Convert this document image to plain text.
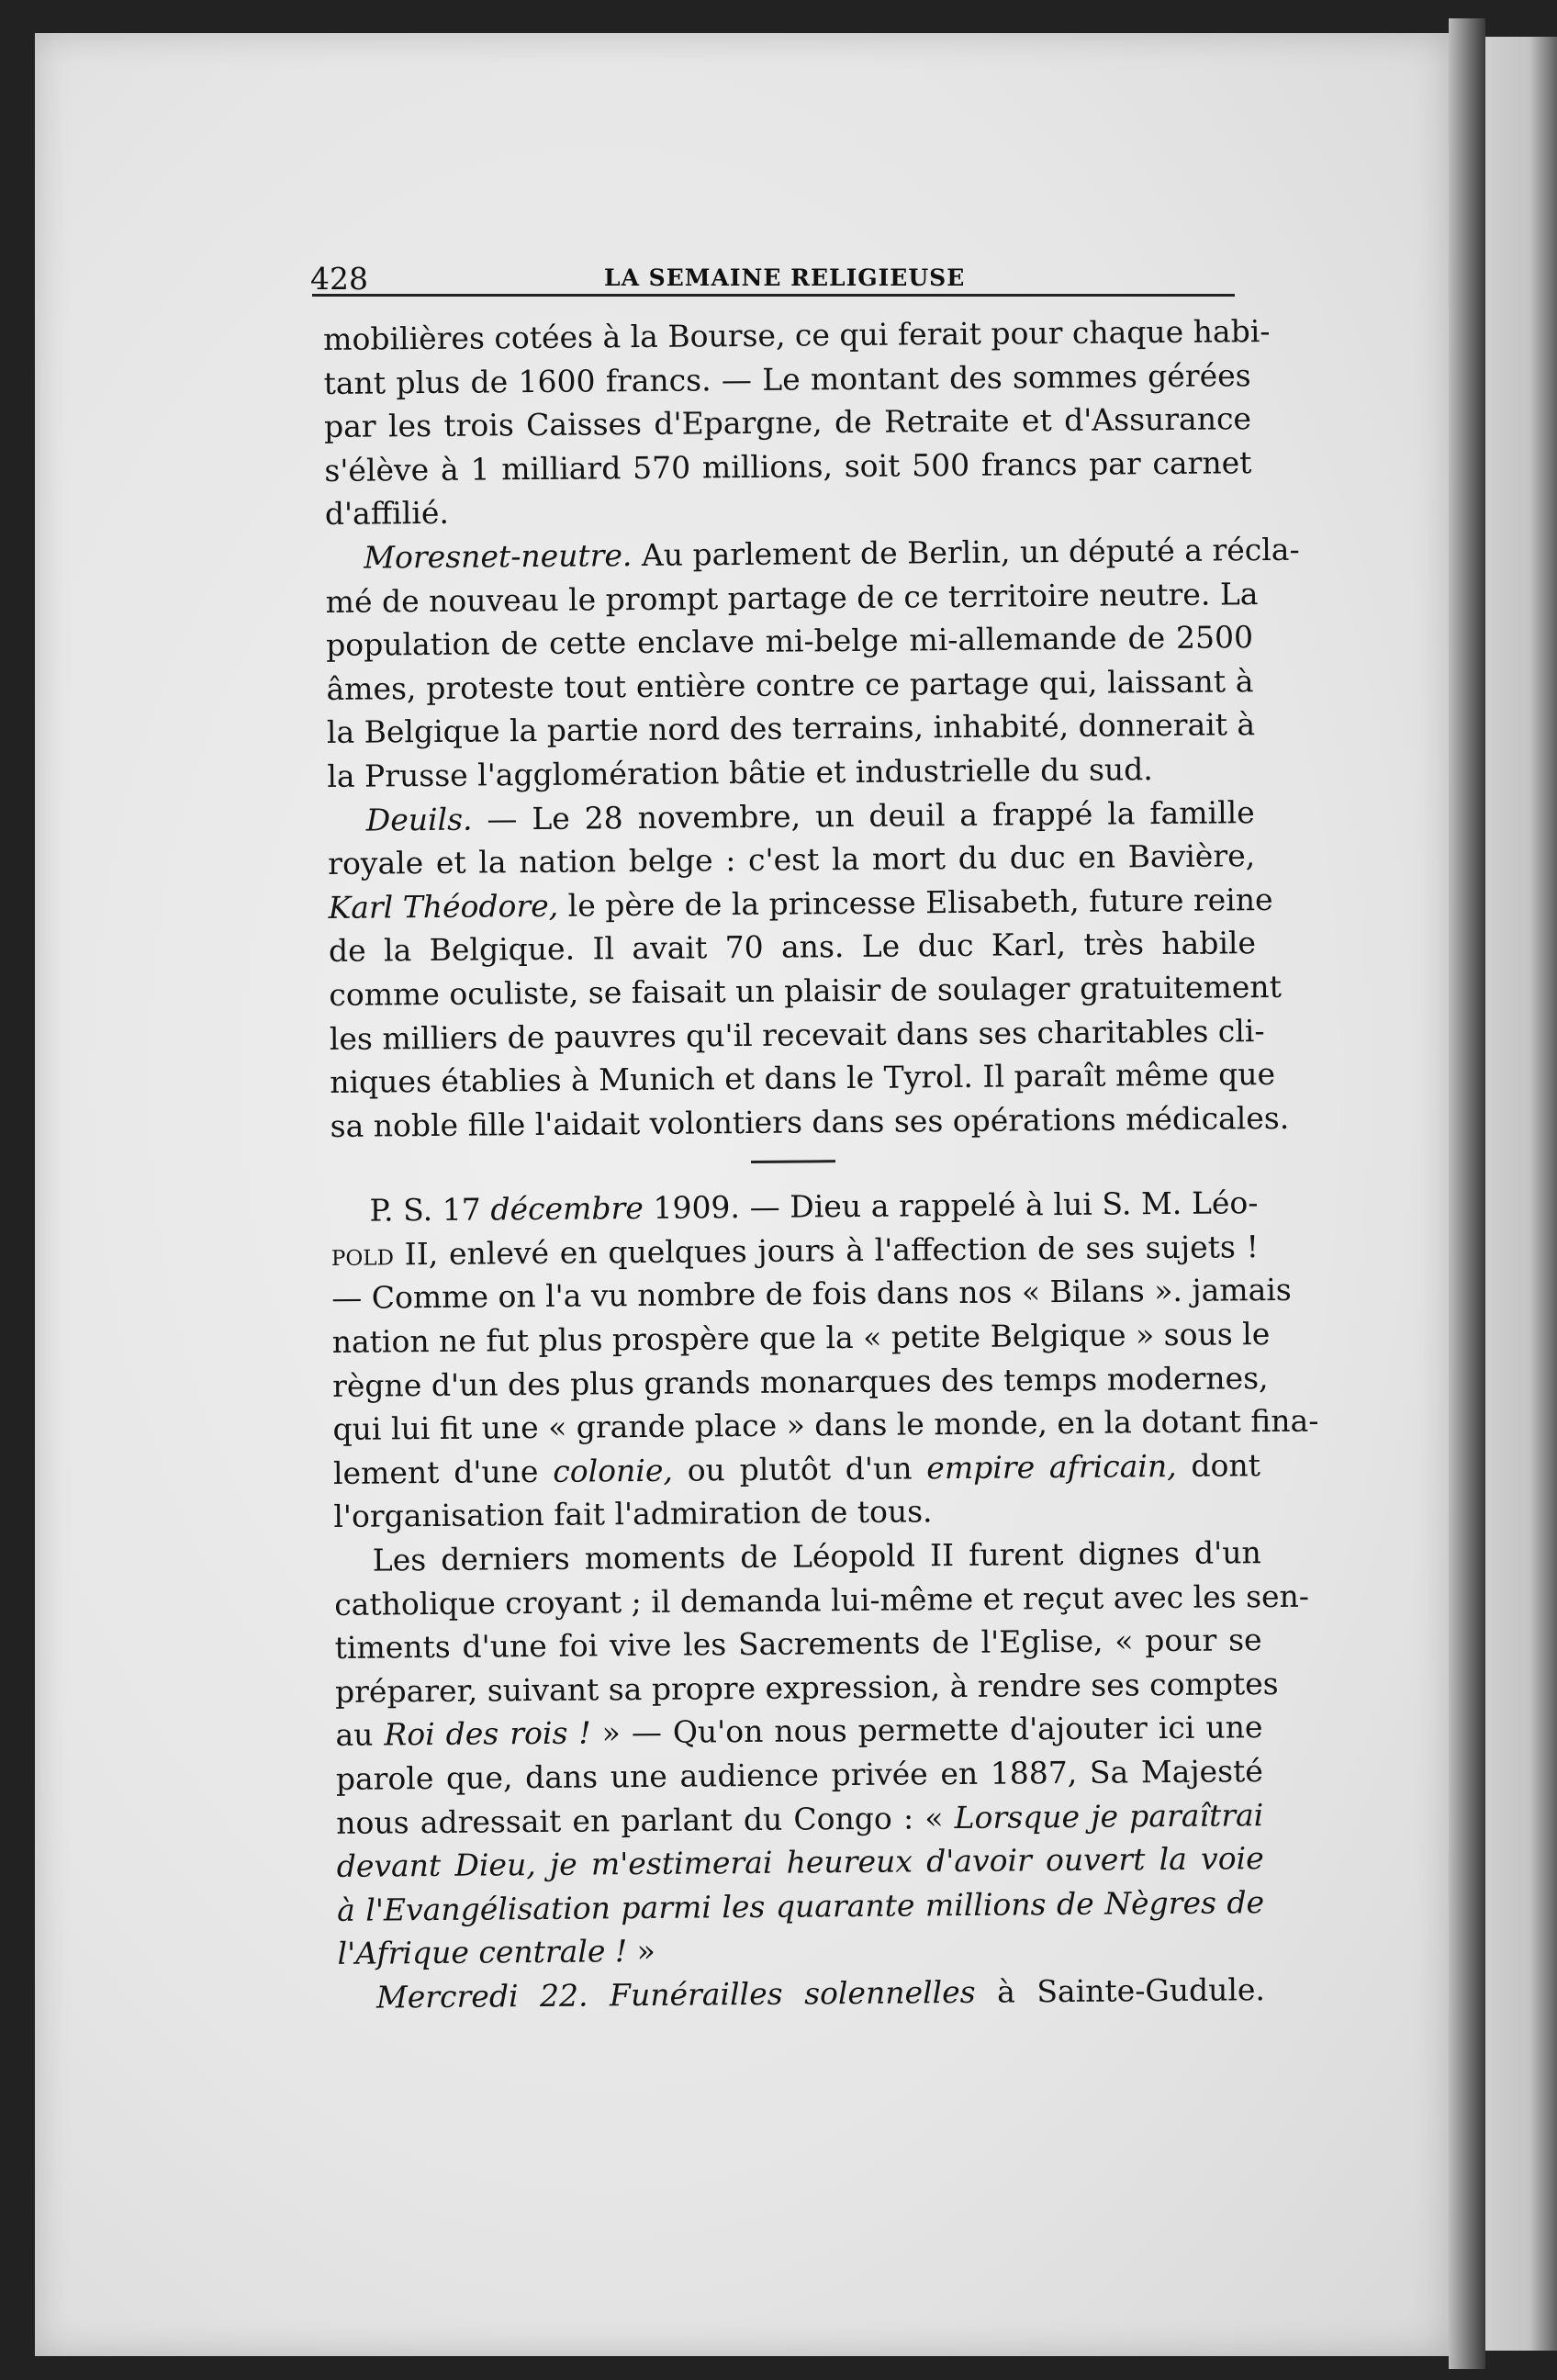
428	LA SEMAINE RELIGIEUSE
mobilières cotées à la Bourse, ce qui ferait pour chaque habi-
tant plus de 1600 francs. — Le montant des sommes gérées
par les trois Caisses d'Epargne, de Retraite et d'Assurance
s'élève à 1 milliard 570 millions, soit 500 francs par carnet
d'affilié.
Moresnet-neutre. Au parlement de Berlin, un député a récla-
mé de nouveau le prompt partage de ce territoire neutre. La
population de cette enclave mi-belge mi-allemande de 2500
âmes, proteste tout entière contre ce partage qui, laissant à
la Belgique la partie nord des terrains, inhabité, donnerait à
la Prusse l'agglomération bâtie et industrielle du sud.
Deuils. — Le 28 novembre, un deuil a frappé la famille
royale et la nation belge : c'est la mort du duc en Bavière,
Karl Théodore, le père de la princesse Elisabeth, future reine
de la Belgique. Il avait 70 ans. Le duc Karl, très habile
comme oculiste, se faisait un plaisir de soulager gratuitement
les milliers de pauvres qu'il recevait dans ses charitables cli-
niques établies à Munich et dans le Tyrol. Il paraît même que
sa noble fille l'aidait volontiers dans ses opérations médicales.
P. S. 17 décembre 1909. — Dieu a rappelé à lui S. M. Léo-
pold II, enlevé en quelques jours à l'affection de ses sujets !
— Comme on l'a vu nombre de fois dans nos « Bilans ». jamais
nation ne fut plus prospère que la « petite Belgique » sous le
règne d'un des plus grands monarques des temps modernes,
qui lui fit une « grande place » dans le monde, en la dotant fina-
lement d'une colonie, ou plutôt d'un empire africain, dont
l'organisation fait l'admiration de tous.
Les derniers moments de Léopold II furent dignes d'un
catholique croyant ; il demanda lui-même et reçut avec les sen-
timents d'une foi vive les Sacrements de l'Eglise, « pour se
préparer, suivant sa propre expression, à rendre ses comptes
au Roi des rois ! » — Qu'on nous permette d'ajouter ici une
parole que, dans une audience privée en 1887, Sa Majesté
nous adressait en parlant du Congo : « Lorsque je paraîtrai
devant Dieu, je m'estimerai heureux d'avoir ouvert la voie
à l'Evangélisation parmi les quarante millions de Nègres de
l'Afrique centrale ! »
Mercredi 22. Funérailles solennelles à Sainte-Gudule.
